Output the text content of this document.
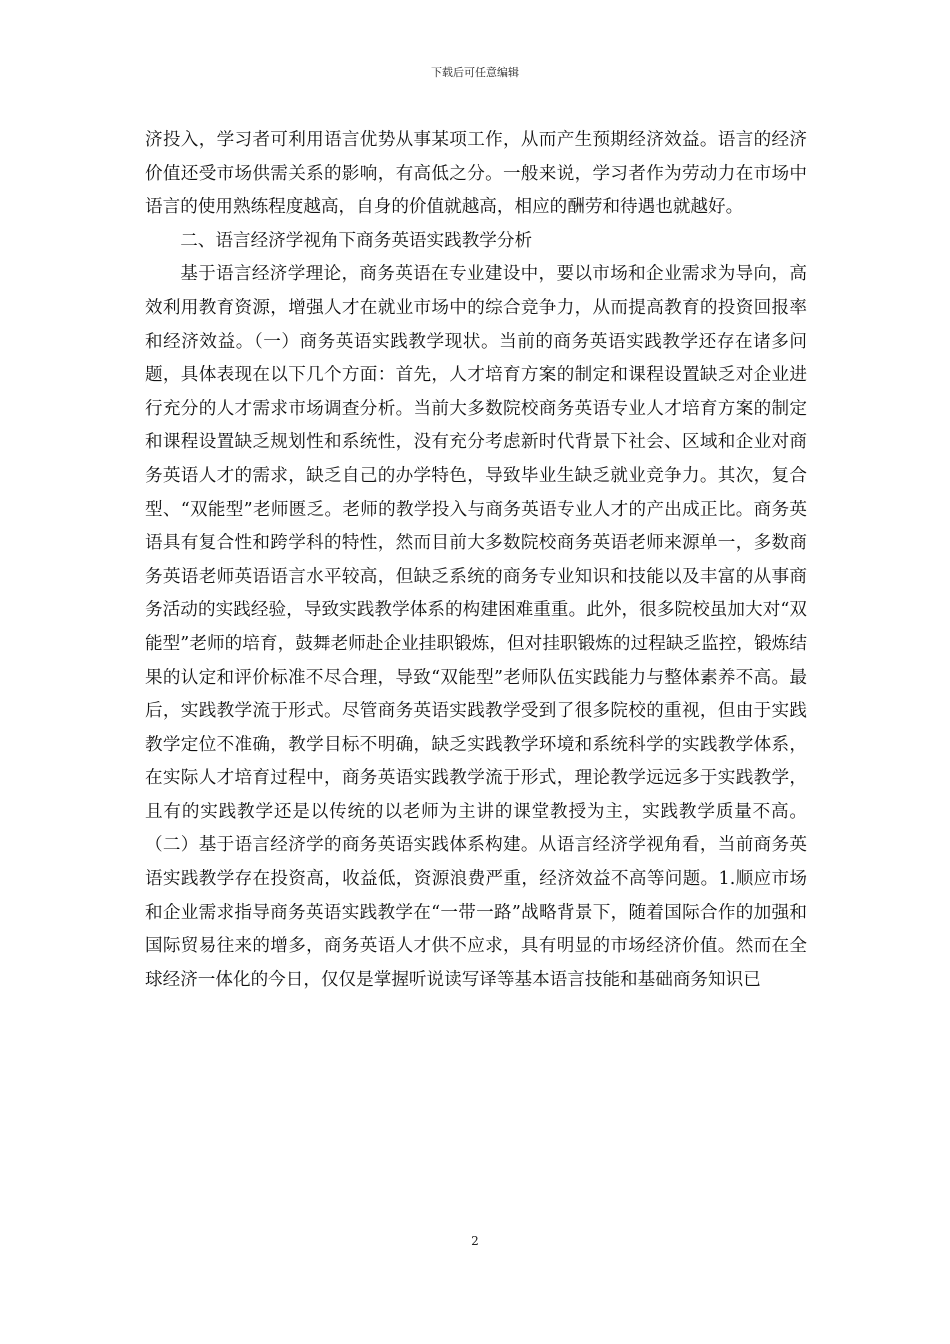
下载后可任意编辑

济投入，学习者可利用语言优势从事某项工作，从而产生预期经济效益。语言的经济价值还受市场供需关系的影响，有高低之分。一般来说，学习者作为劳动力在市场中语言的使用熟练程度越高，自身的价值就越高，相应的酬劳和待遇也就越好。

二、语言经济学视角下商务英语实践教学分析

基于语言经济学理论，商务英语在专业建设中，要以市场和企业需求为导向，高效利用教育资源，增强人才在就业市场中的综合竞争力，从而提高教育的投资回报率和经济效益。（一）商务英语实践教学现状。当前的商务英语实践教学还存在诸多问题，具体表现在以下几个方面：首先，人才培育方案的制定和课程设置缺乏对企业进行充分的人才需求市场调查分析。当前大多数院校商务英语专业人才培育方案的制定和课程设置缺乏规划性和系统性，没有充分考虑新时代背景下社会、区域和企业对商务英语人才的需求，缺乏自己的办学特色，导致毕业生缺乏就业竞争力。其次，复合型、“双能型”老师匮乏。老师的教学投入与商务英语专业人才的产出成正比。商务英语具有复合性和跨学科的特性，然而目前大多数院校商务英语老师来源单一，多数商务英语老师英语语言水平较高，但缺乏系统的商务专业知识和技能以及丰富的从事商务活动的实践经验，导致实践教学体系的构建困难重重。此外，很多院校虽加大对“双能型”老师的培育，鼓舞老师赴企业挂职锻炼，但对挂职锻炼的过程缺乏监控，锻炼结果的认定和评价标准不尽合理，导致“双能型”老师队伍实践能力与整体素养不高。最后，实践教学流于形式。尽管商务英语实践教学受到了很多院校的重视，但由于实践教学定位不准确，教学目标不明确，缺乏实践教学环境和系统科学的实践教学体系，在实际人才培育过程中，商务英语实践教学流于形式，理论教学远远多于实践教学，且有的实践教学还是以传统的以老师为主讲的课堂教授为主，实践教学质量不高。（二）基于语言经济学的商务英语实践体系构建。从语言经济学视角看，当前商务英语实践教学存在投资高，收益低，资源浪费严重，经济效益不高等问题。1.顺应市场和企业需求指导商务英语实践教学在“一带一路”战略背景下，随着国际合作的加强和国际贸易往来的增多，商务英语人才供不应求，具有明显的市场经济价值。然而在全球经济一体化的今日，仅仅是掌握听说读写译等基本语言技能和基础商务知识已

2
